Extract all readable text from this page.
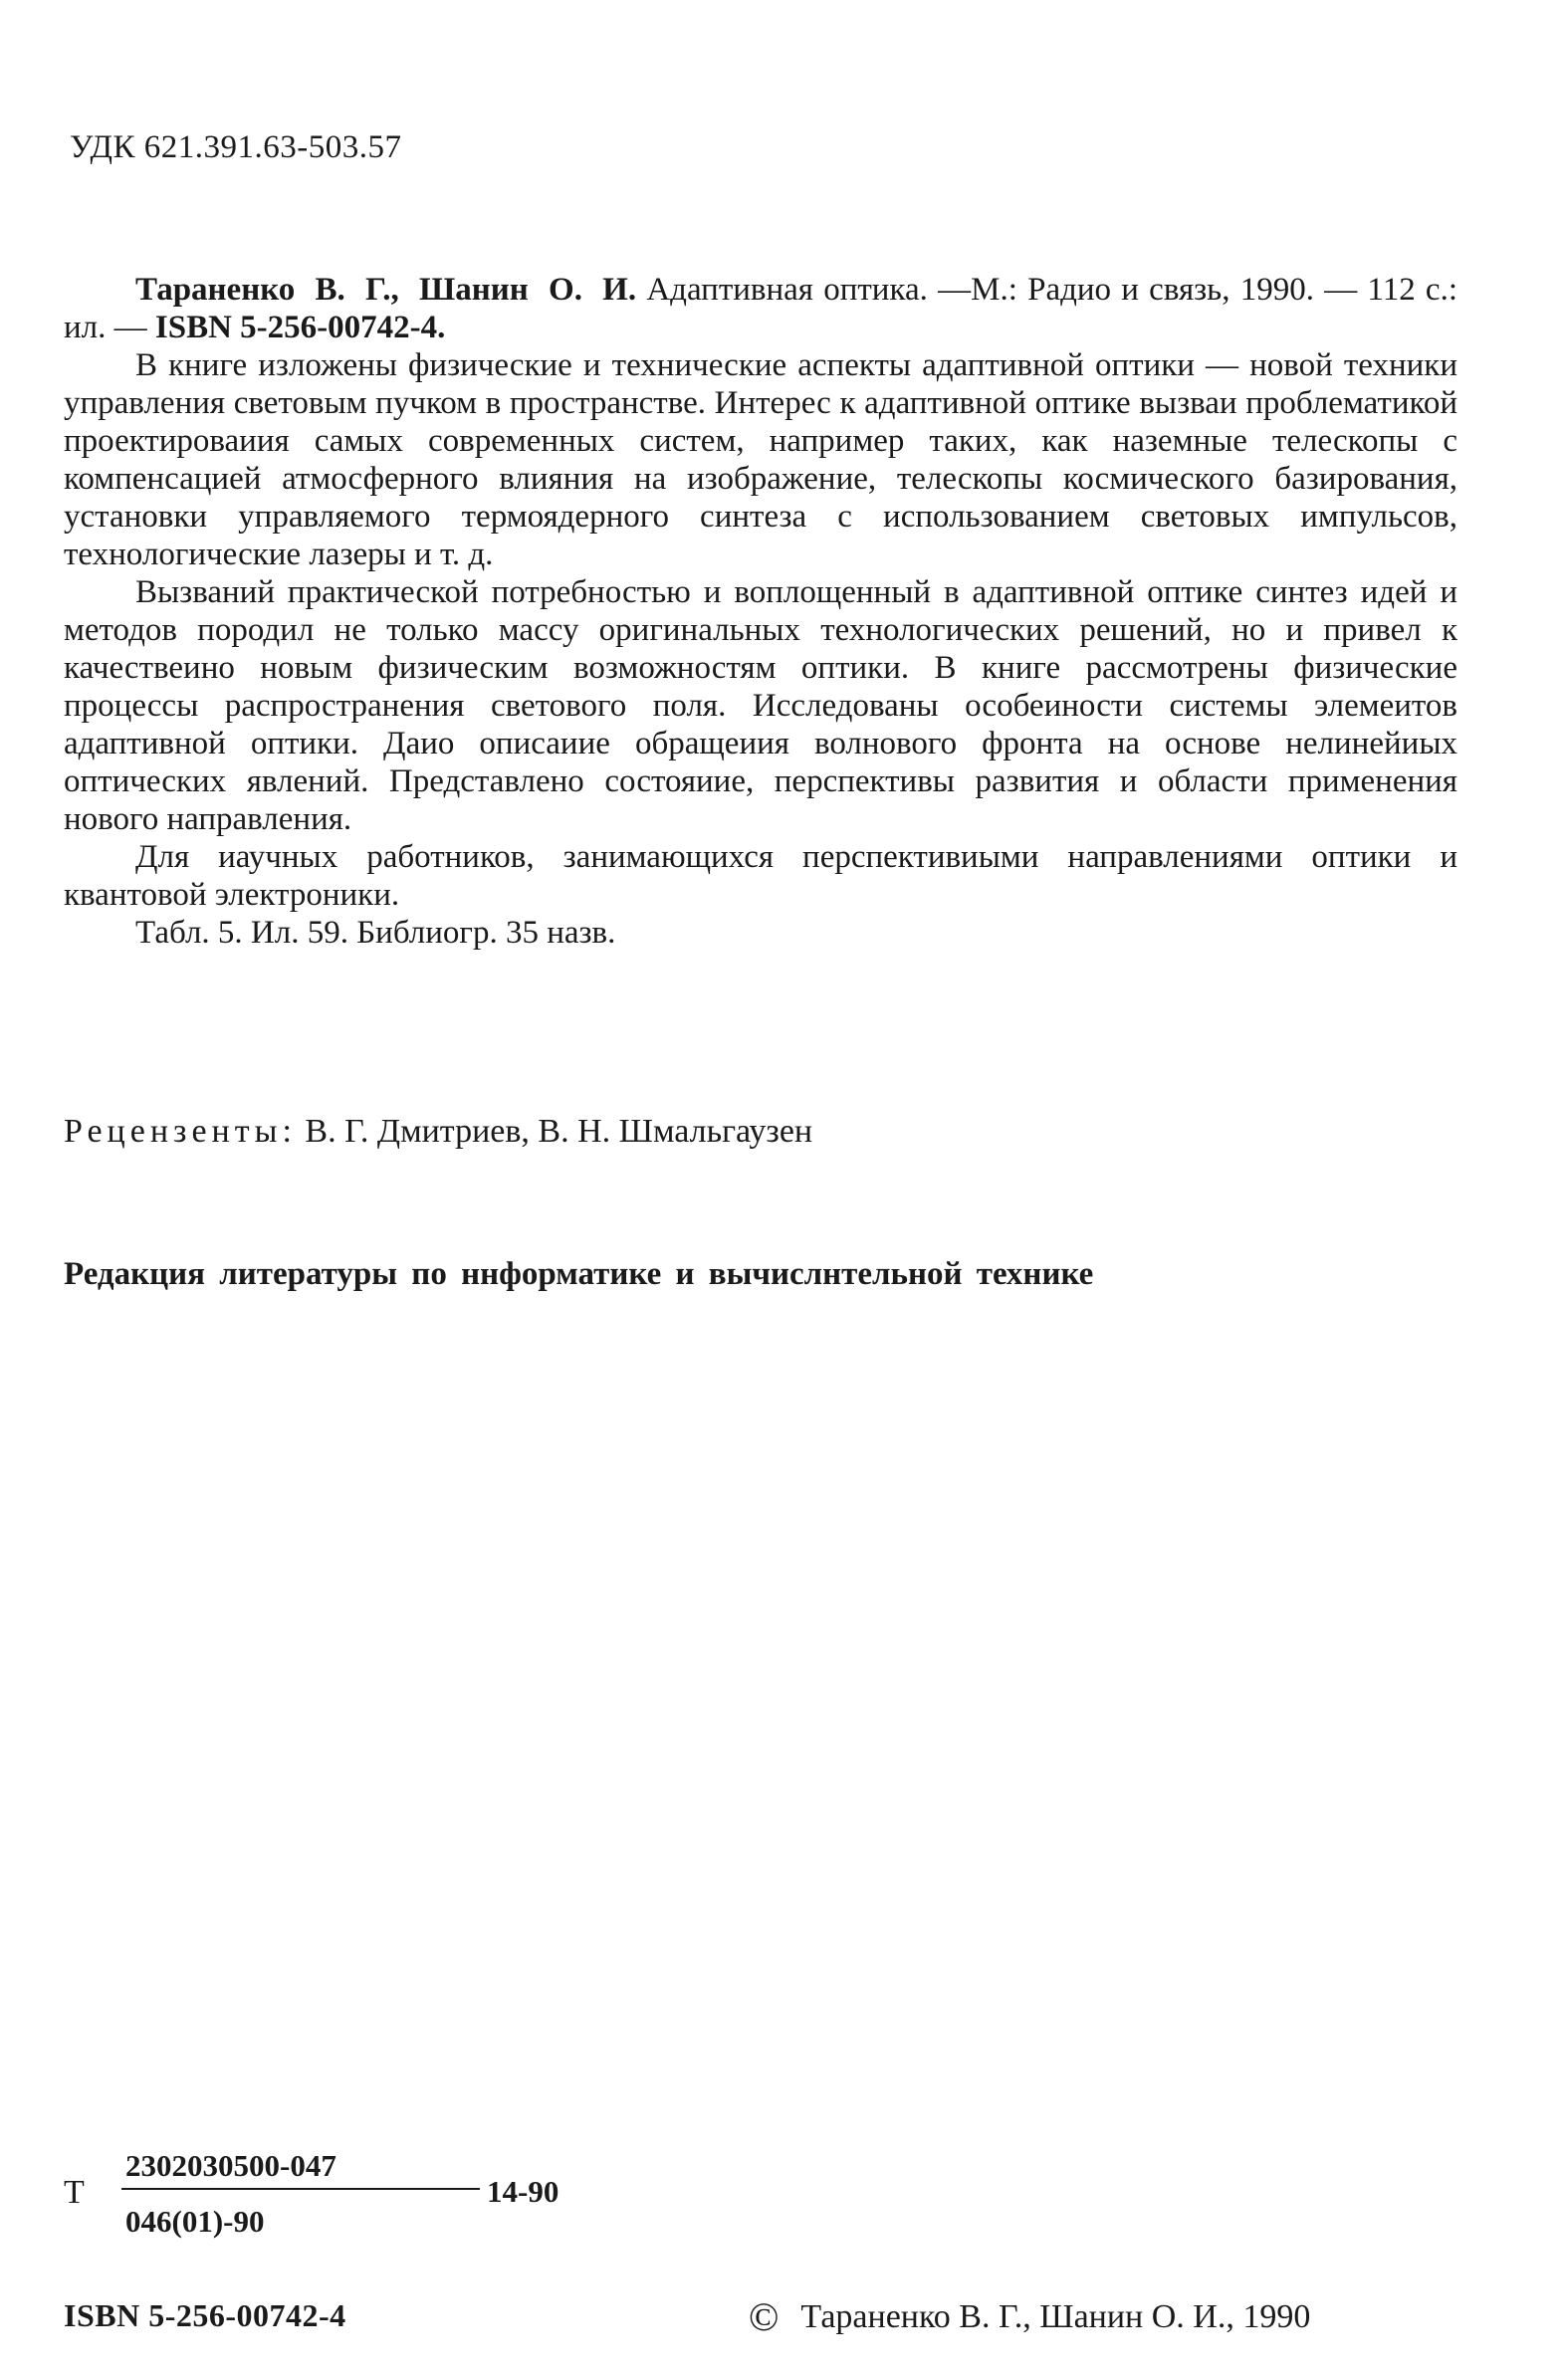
УДК 621.391.63-503.57

Тараненко В. Г., Шанин О. И. Адаптивная оптика. —М.: Радио и связь, 1990. — 112 с.: ил. — ISBN 5-256-00742-4.

В книге изложены физические и технические аспекты адаптивной оптики — новой техники управления световым пучком в пространстве. Интерес к адаптивной оптике вызваи проблематикой проектироваиия самых современных систем, например таких, как наземные телескопы с компенсацией атмосферного влияния на изображение, телескопы космического базирования, установки управляемого термоядерного синтеза с использованием световых импульсов, технологические лазеры и т. д.

Вызваний практической потребностью и воплощенный в адаптивной оптике синтез идей и методов породил не только массу оригинальных технологических решений, но и привел к качествеино новым физическим возможностям оптики. В книге рассмотрены физические процессы распространения светового поля. Исследованы особеиности системы элемеитов адаптивной оптики. Даио описаиие обращеиия волнового фронта на основе нелинейиых оптических явлений. Представлено состояиие, перспективы развития и области применения нового направления.

Для иаучных работников, занимающихся перспективиыми направлениями оптики и квантовой электроники.

Табл. 5. Ил. 59. Библиогр. 35 назв.

Рецензенты: В. Г. Дмитриев, В. Н. Шмальгаузен
Редакция литературы по ннформатике и вычислнтельной технике
Т
2302030500-047
14-90
046(01)-90
ISBN 5-256-00742-4	© Тараненко В. Г., Шанин О. И., 1990
